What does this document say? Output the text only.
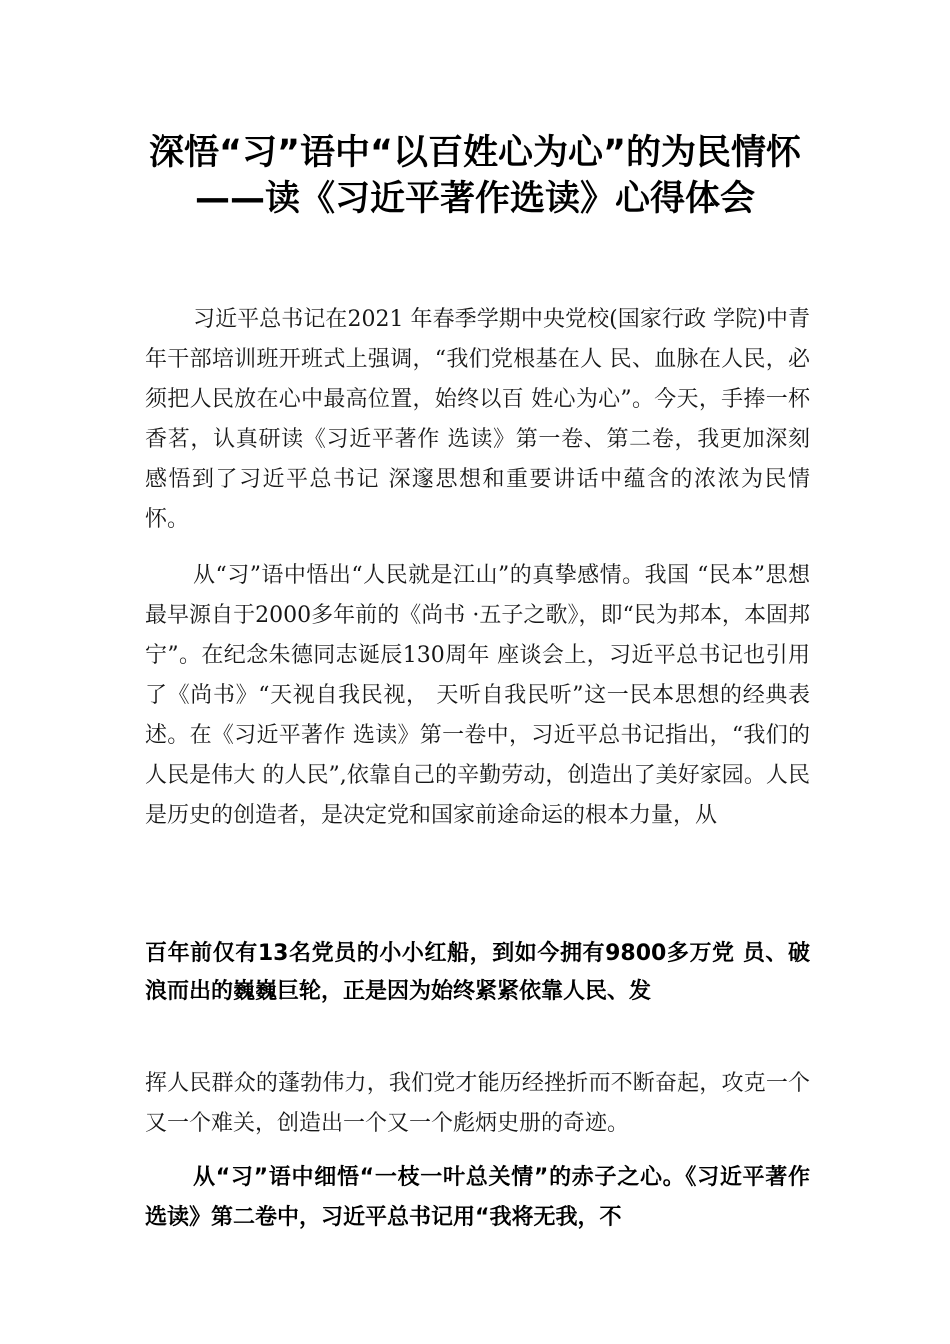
深悟“习”语中“以百姓心为心”的为民情怀——读《习近平著作选读》心得体会

习近平总书记在2021 年春季学期中央党校(国家行政 学院)中青年干部培训班开班式上强调，“我们党根基在人 民、血脉在人民，必须把人民放在心中最高位置，始终以百 姓心为心”。今天，手捧一杯香茗，认真研读《习近平著作 选读》第一卷、第二卷，我更加深刻感悟到了习近平总书记 深邃思想和重要讲话中蕴含的浓浓为民情怀。

从“习”语中悟出“人民就是江山”的真挚感情。我国 “民本”思想最早源自于2000多年前的《尚书 ·五子之歌》，即“民为邦本，本固邦宁”。在纪念朱德同志诞辰130周年 座谈会上，习近平总书记也引用了《尚书》“天视自我民视， 天听自我民听”这一民本思想的经典表述。在《习近平著作 选读》第一卷中，习近平总书记指出，“我们的人民是伟大 的人民”,依靠自己的辛勤劳动，创造出了美好家园。人民 是历史的创造者，是决定党和国家前途命运的根本力量，从

百年前仅有13名党员的小小红船，到如今拥有9800多万党 员、破浪而出的巍巍巨轮，正是因为始终紧紧依靠人民、发

挥人民群众的蓬勃伟力，我们党才能历经挫折而不断奋起，攻克一个又一个难关，创造出一个又一个彪炳史册的奇迹。

从“习”语中细悟“一枝一叶总关情”的赤子之心。《习近平著作选读》第二卷中，习近平总书记用“我将无我，不
